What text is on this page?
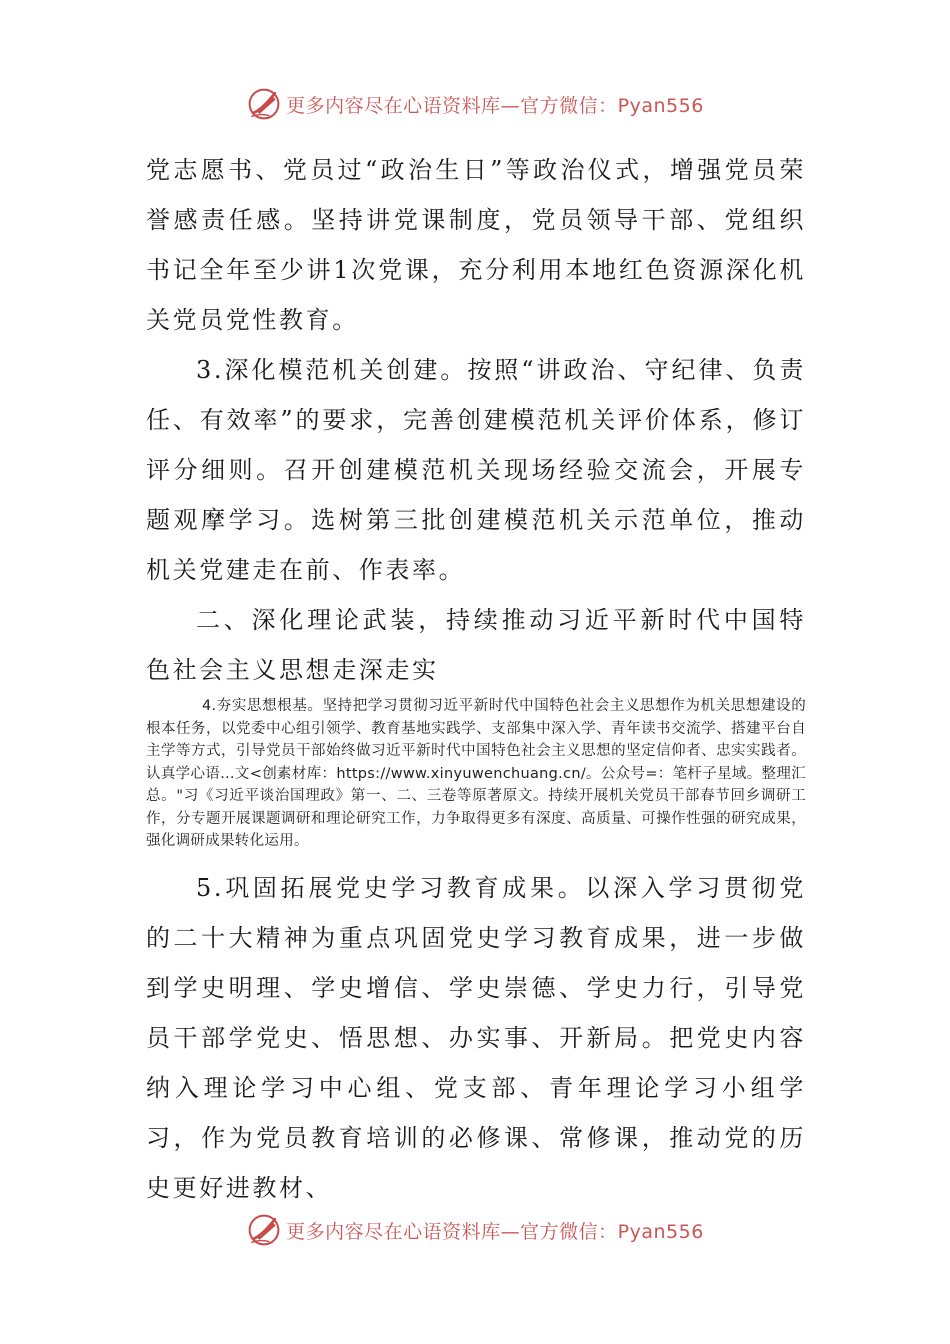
更多内容尽在心语资料库—官方微信：Pyan556

党志愿书、党员过“政治生日”等政治仪式，增强党员荣誉感责任感。坚持讲党课制度，党员领导干部、党组织书记全年至少讲1次党课，充分利用本地红色资源深化机关党员党性教育。

3.深化模范机关创建。按照“讲政治、守纪律、负责任、有效率”的要求，完善创建模范机关评价体系，修订评分细则。召开创建模范机关现场经验交流会，开展专题观摩学习。选树第三批创建模范机关示范单位，推动机关党建走在前、作表率。

二、深化理论武装，持续推动习近平新时代中国特色社会主义思想走深走实

4.夯实思想根基。坚持把学习贯彻习近平新时代中国特色社会主义思想作为机关思想建设的根本任务，以党委中心组引领学、教育基地实践学、支部集中深入学、青年读书交流学、搭建平台自主学等方式，引导党员干部始终做习近平新时代中国特色社会主义思想的坚定信仰者、忠实实践者。认真学心语…文<创素材库：https://www.xinyuwenchuang.cn/。公众号=：笔杆子星域。整理汇总。"习《习近平谈治国理政》第一、二、三卷等原著原文。持续开展机关党员干部春节回乡调研工作，分专题开展课题调研和理论研究工作，力争取得更多有深度、高质量、可操作性强的研究成果，强化调研成果转化运用。

5.巩固拓展党史学习教育成果。以深入学习贯彻党的二十大精神为重点巩固党史学习教育成果，进一步做到学史明理、学史增信、学史崇德、学史力行，引导党员干部学党史、悟思想、办实事、开新局。把党史内容纳入理论学习中心组、党支部、青年理论学习小组学习，作为党员教育培训的必修课、常修课，推动党的历史更好进教材、

更多内容尽在心语资料库—官方微信：Pyan556
